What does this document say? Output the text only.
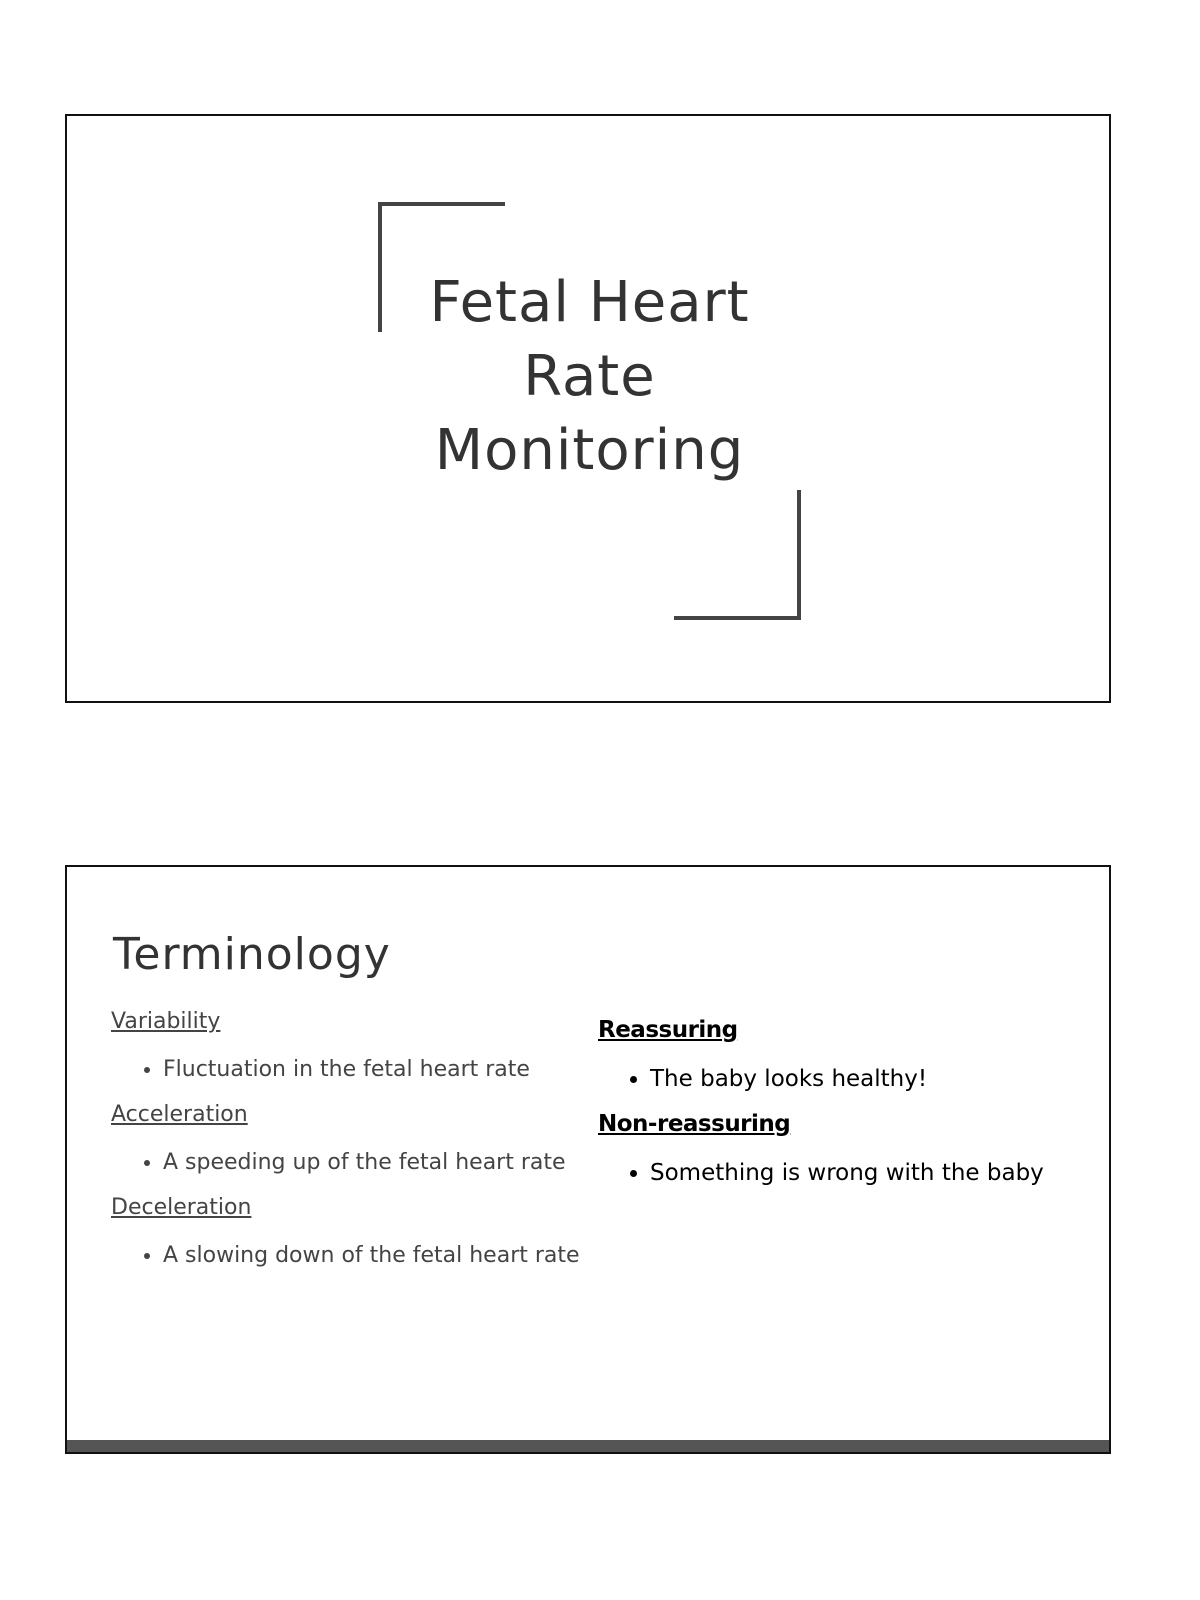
Fetal Heart
Rate
Monitoring
Terminology

Variability

• Fluctuation in the fetal heart rate

Acceleration

• A speeding up of the fetal heart rate

Deceleration

• A slowing down of the fetal heart rate

Reassuring

• The baby looks healthy!

Non-reassuring

• Something is wrong with the baby
